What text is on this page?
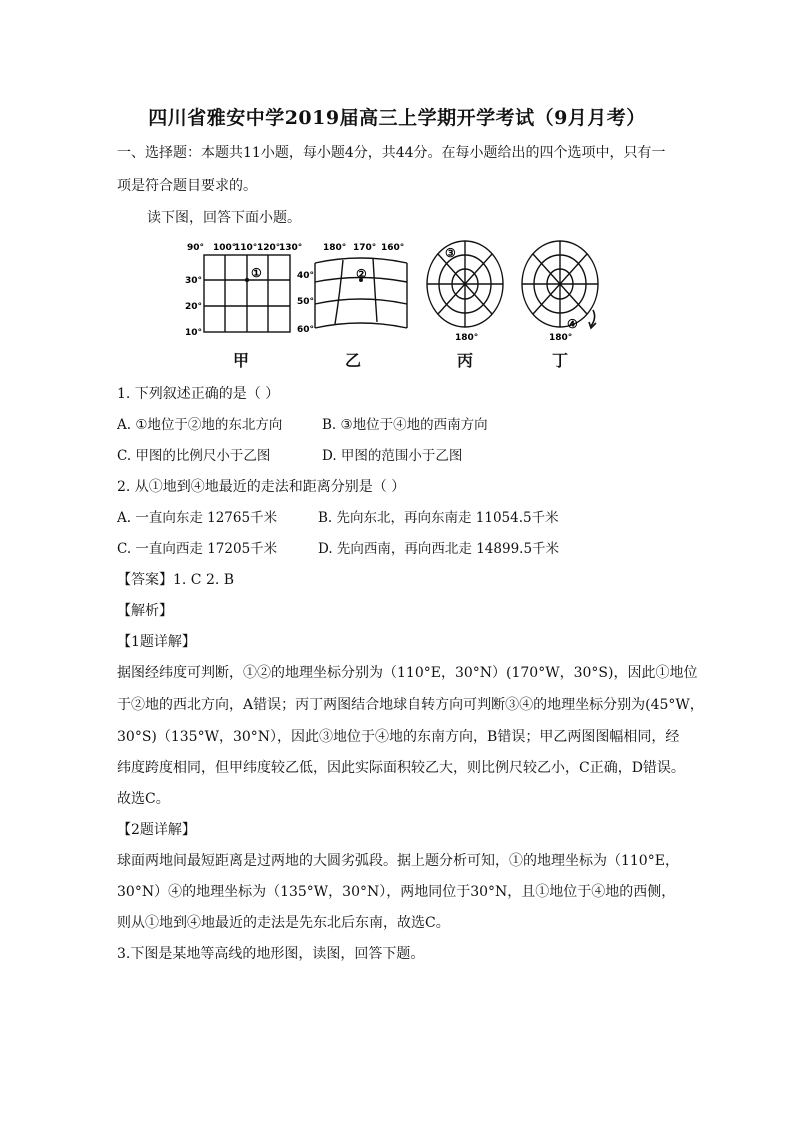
四川省雅安中学2019届高三上学期开学考试（9月月考）
一、选择题：本题共11小题，每小题4分，共44分。在每小题给出的四个选项中，只有一
项是符合题目要求的。
读下图，回答下面小题。
90° 100°
110° 120°
130°
30°
20°
10°
①
180° 170° 160°
40°
50°
60°
②
③
180°
④
180°
甲	乙	丙	丁
1. 下列叙述正确的是（ ）
A. ①地位于②地的东北方向	B. ③地位于④地的西南方向
C. 甲图的比例尺小于乙图	D. 甲图的范围小于乙图
2. 从①地到④地最近的走法和距离分别是（ ）
A. 一直向东走 12765千米	B. 先向东北，再向东南走 11054.5千米
C. 一直向西走 17205千米	D. 先向西南，再向西北走 14899.5千米
【答案】1. C 2. B
【解析】
【1题详解】
据图经纬度可判断，①②的地理坐标分别为（110°E，30°N）(170°W，30°S)，因此①地位
于②地的西北方向，A错误；丙丁两图结合地球自转方向可判断③④的地理坐标分别为(45°W，
30°S)（135°W，30°N），因此③地位于④地的东南方向，B错误；甲乙两图图幅相同，经
纬度跨度相同，但甲纬度较乙低，因此实际面积较乙大，则比例尺较乙小，C正确，D错误。
故选C。
【2题详解】
球面两地间最短距离是过两地的大圆劣弧段。据上题分析可知，①的地理坐标为（110°E，
30°N）④的地理坐标为（135°W，30°N），两地同位于30°N，且①地位于④地的西侧，
则从①地到④地最近的走法是先东北后东南，故选C。
3.下图是某地等高线的地形图，读图，回答下题。
